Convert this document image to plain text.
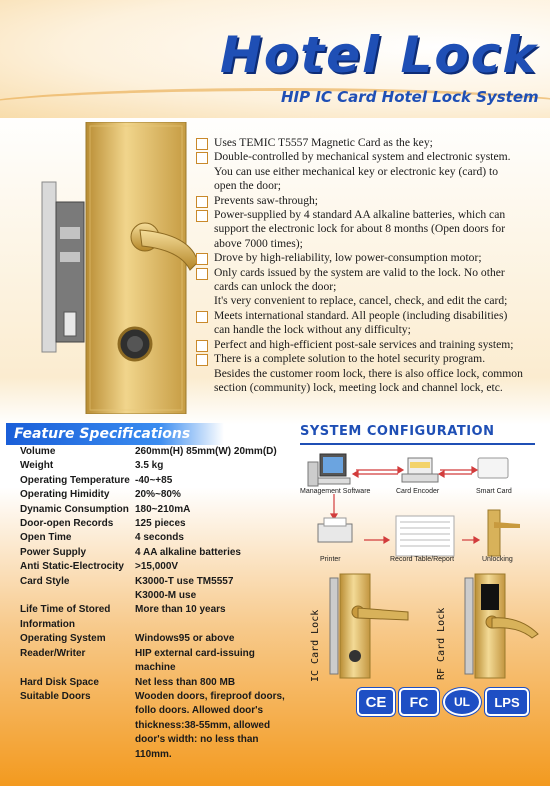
Hotel Lock
HIP IC Card Hotel Lock System
Uses TEMIC T5557 Magnetic Card as the key;
Double-controlled by mechanical system and electronic system.
You can use either mechanical key or electronic key (card) to
open the door;
Prevents saw-through;
Power-supplied by 4 standard AA alkaline batteries, which can
support the electronic lock for about 8 months (Open doors for
above 7000 times);
Drove by high-reliability, low power-consumption motor;
Only cards issued by the system are valid to the lock. No other
cards can unlock the door;
It's very convenient to replace, cancel, check, and edit the card;
Meets international standard. All people (including disabilities)
can handle the lock without any difficulty;
Perfect and high-efficient post-sale services and training system;
There is a complete solution to the hotel security program.
Besides the customer room lock, there is also office lock, common
section (community) lock, meeting lock and channel lock, etc.
Feature Specifications
Volume	260mm(H) 85mm(W) 20mm(D)

Weight	3.5 kg

Operating Temperature	-40~+85

Operating Himidity	20%~80%

Dynamic Consumption	180~210mA

Door-open Records	125 pieces

Open Time	4 seconds

Power Supply	4 AA alkaline batteries

Anti Static-Electrocity	>15,000V

Card Style	K3000-T use TM5557
K3000-M use

Life Time of Stored
Information	More than 10 years

Operating System	Windows95 or above

Reader/Writer	HIP external card-issuing
machine

Hard Disk Space	Net less than 800 MB

Suitable Doors	Wooden doors, fireproof doors,
follo doors. Allowed door's
thickness:38-55mm, allowed
door's width: no less than
110mm.
SYSTEM CONFIGURATION
Management Software	Card Encoder	Smart Card
Printer	Record Table/Report	Unlocking
IC Card Lock	RF Card Lock
CE	FC	UL	LPS
